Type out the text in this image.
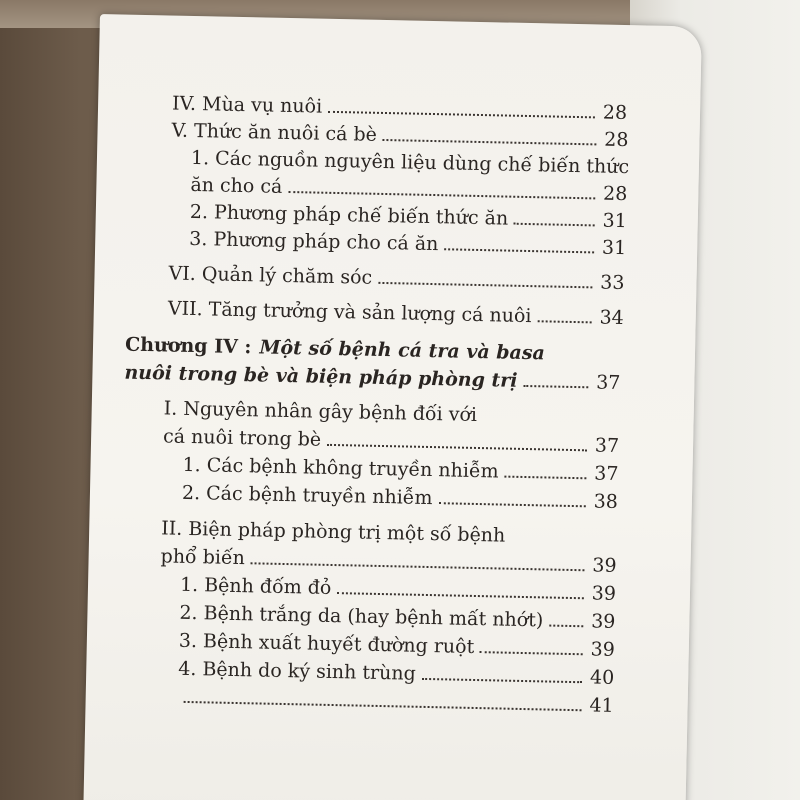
IV. Mùa vụ nuôi	28
V. Thức ăn nuôi cá bè	28
1. Các nguồn nguyên liệu dùng chế biến thức
ăn cho cá	28
2. Phương pháp chế biến thức ăn	31
3. Phương pháp cho cá ăn	31
VI. Quản lý chăm sóc	33
VII. Tăng trưởng và sản lượng cá nuôi	34
Chương IV : Một số bệnh cá tra và basa
nuôi trong bè và biện pháp phòng trị	37
I. Nguyên nhân gây bệnh đối với
cá nuôi trong bè	37
1. Các bệnh không truyền nhiễm	37
2. Các bệnh truyền nhiễm	38
II. Biện pháp phòng trị một số bệnh
phổ biến	39
1. Bệnh đốm đỏ	39
2. Bệnh trắng da (hay bệnh mất nhớt) 39
3. Bệnh xuất huyết đường ruột	39
4. Bệnh do ký sinh trùng	40
41
